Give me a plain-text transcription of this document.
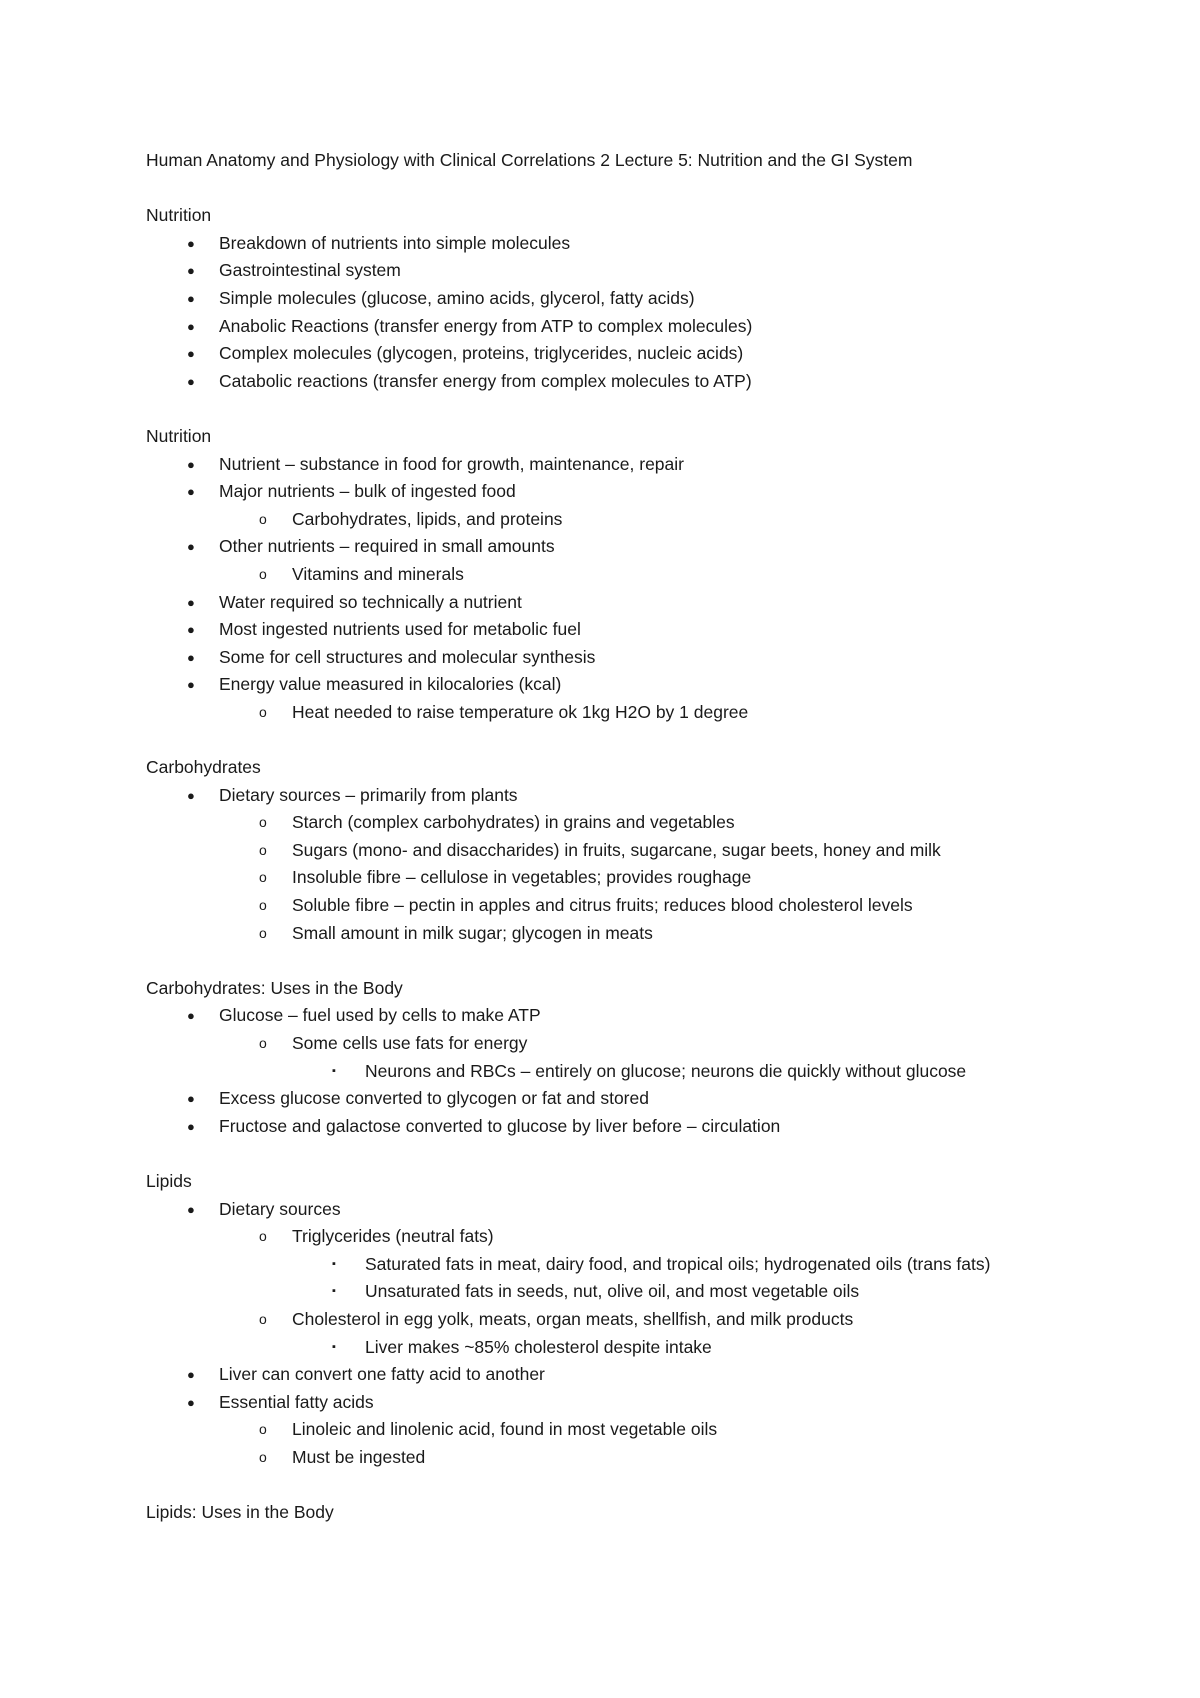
Human Anatomy and Physiology with Clinical Correlations 2 Lecture 5: Nutrition and the GI System
Nutrition
●	Breakdown of nutrients into simple molecules
●	Gastrointestinal system
●	Simple molecules (glucose, amino acids, glycerol, fatty acids)
●	Anabolic Reactions (transfer energy from ATP to complex molecules)
●	Complex molecules (glycogen, proteins, triglycerides, nucleic acids)
●	Catabolic reactions (transfer energy from complex molecules to ATP)
Nutrition
●	Nutrient – substance in food for growth, maintenance, repair
●	Major nutrients – bulk of ingested food
o	Carbohydrates, lipids, and proteins
●	Other nutrients – required in small amounts
o	Vitamins and minerals
●	Water required so technically a nutrient
●	Most ingested nutrients used for metabolic fuel
●	Some for cell structures and molecular synthesis
●	Energy value measured in kilocalories (kcal)
o	Heat needed to raise temperature ok 1kg H2O by 1 degree
Carbohydrates
●	Dietary sources – primarily from plants
o	Starch (complex carbohydrates) in grains and vegetables
o	Sugars (mono- and disaccharides) in fruits, sugarcane, sugar beets, honey and milk
o	Insoluble fibre – cellulose in vegetables; provides roughage
o	Soluble fibre – pectin in apples and citrus fruits; reduces blood cholesterol levels
o	Small amount in milk sugar; glycogen in meats
Carbohydrates: Uses in the Body
●	Glucose – fuel used by cells to make ATP
o	Some cells use fats for energy
▪	Neurons and RBCs – entirely on glucose; neurons die quickly without glucose
●	Excess glucose converted to glycogen or fat and stored
●	Fructose and galactose converted to glucose by liver before – circulation
Lipids
●	Dietary sources
o	Triglycerides (neutral fats)
▪	Saturated fats in meat, dairy food, and tropical oils; hydrogenated oils (trans fats)
▪	Unsaturated fats in seeds, nut, olive oil, and most vegetable oils
o	Cholesterol in egg yolk, meats, organ meats, shellfish, and milk products
▪	Liver makes ~85% cholesterol despite intake
●	Liver can convert one fatty acid to another
●	Essential fatty acids
o	Linoleic and linolenic acid, found in most vegetable oils
o	Must be ingested
Lipids: Uses in the Body
